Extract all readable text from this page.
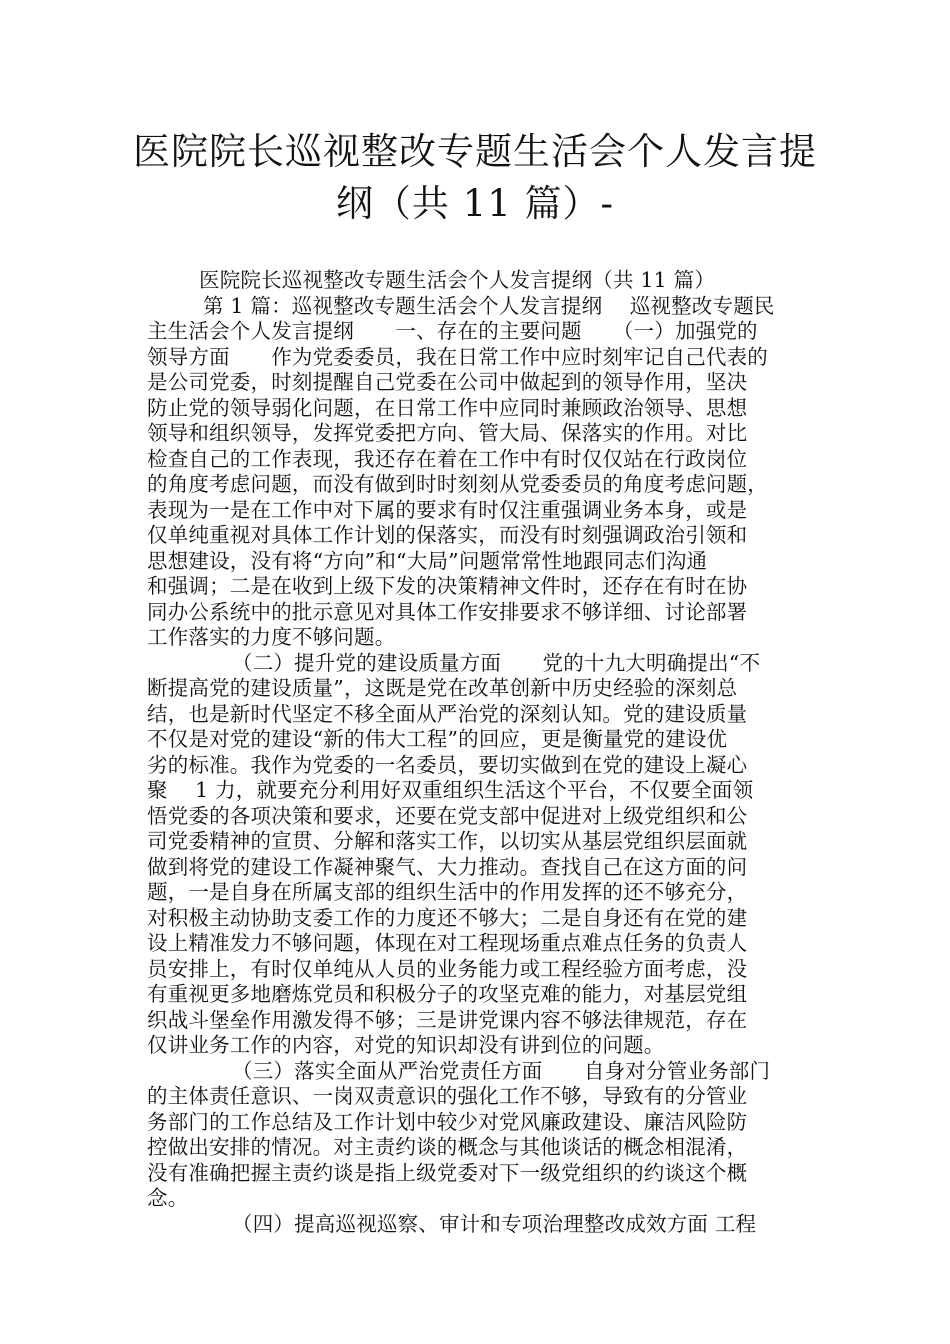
医院院长巡视整改专题生活会个人发言提
纲（共 11 篇）-
医院院长巡视整改专题生活会个人发言提纲（共 11 篇）
第 1 篇：巡视整改专题生活会个人发言提纲　 巡视整改专题民
主生活会个人发言提纲　　一、存在的主要问题　　（一）加强党的
领导方面　　作为党委委员，我在日常工作中应时刻牢记自己代表的
是公司党委，时刻提醒自己党委在公司中做起到的领导作用，坚决
防止党的领导弱化问题，在日常工作中应同时兼顾政治领导、思想
领导和组织领导，发挥党委把方向、管大局、保落实的作用。对比
检查自己的工作表现，我还存在着在工作中有时仅仅站在行政岗位
的角度考虑问题，而没有做到时时刻刻从党委委员的角度考虑问题，
表现为一是在工作中对下属的要求有时仅注重强调业务本身，或是
仅单纯重视对具体工作计划的保落实，而没有时刻强调政治引领和
思想建设，没有将“方向”和“大局”问题常常性地跟同志们沟通
和强调；二是在收到上级下发的决策精神文件时，还存在有时在协
同办公系统中的批示意见对具体工作安排要求不够详细、讨论部署
工作落实的力度不够问题。
（二）提升党的建设质量方面　　党的十九大明确提出“不
断提高党的建设质量”，这既是党在改革创新中历史经验的深刻总
结，也是新时代坚定不移全面从严治党的深刻认知。党的建设质量
不仅是对党的建设“新的伟大工程”的回应，更是衡量党的建设优
劣的标准。我作为党委的一名委员，要切实做到在党的建设上凝心
聚　 1 力，就要充分利用好双重组织生活这个平台，不仅要全面领
悟党委的各项决策和要求，还要在党支部中促进对上级党组织和公
司党委精神的宣贯、分解和落实工作，以切实从基层党组织层面就
做到将党的建设工作凝神聚气、大力推动。查找自己在这方面的问
题，一是自身在所属支部的组织生活中的作用发挥的还不够充分，
对积极主动协助支委工作的力度还不够大；二是自身还有在党的建
设上精准发力不够问题，体现在对工程现场重点难点任务的负责人
员安排上，有时仅单纯从人员的业务能力或工程经验方面考虑，没
有重视更多地磨炼党员和积极分子的攻坚克难的能力，对基层党组
织战斗堡垒作用激发得不够；三是讲党课内容不够法律规范，存在
仅讲业务工作的内容，对党的知识却没有讲到位的问题。
（三）落实全面从严治党责任方面　　自身对分管业务部门
的主体责任意识、一岗双责意识的强化工作不够，导致有的分管业
务部门的工作总结及工作计划中较少对党风廉政建设、廉洁风险防
控做出安排的情况。对主责约谈的概念与其他谈话的概念相混淆，
没有准确把握主责约谈是指上级党委对下一级党组织的约谈这个概
念。
（四）提高巡视巡察、审计和专项治理整改成效方面 工程
